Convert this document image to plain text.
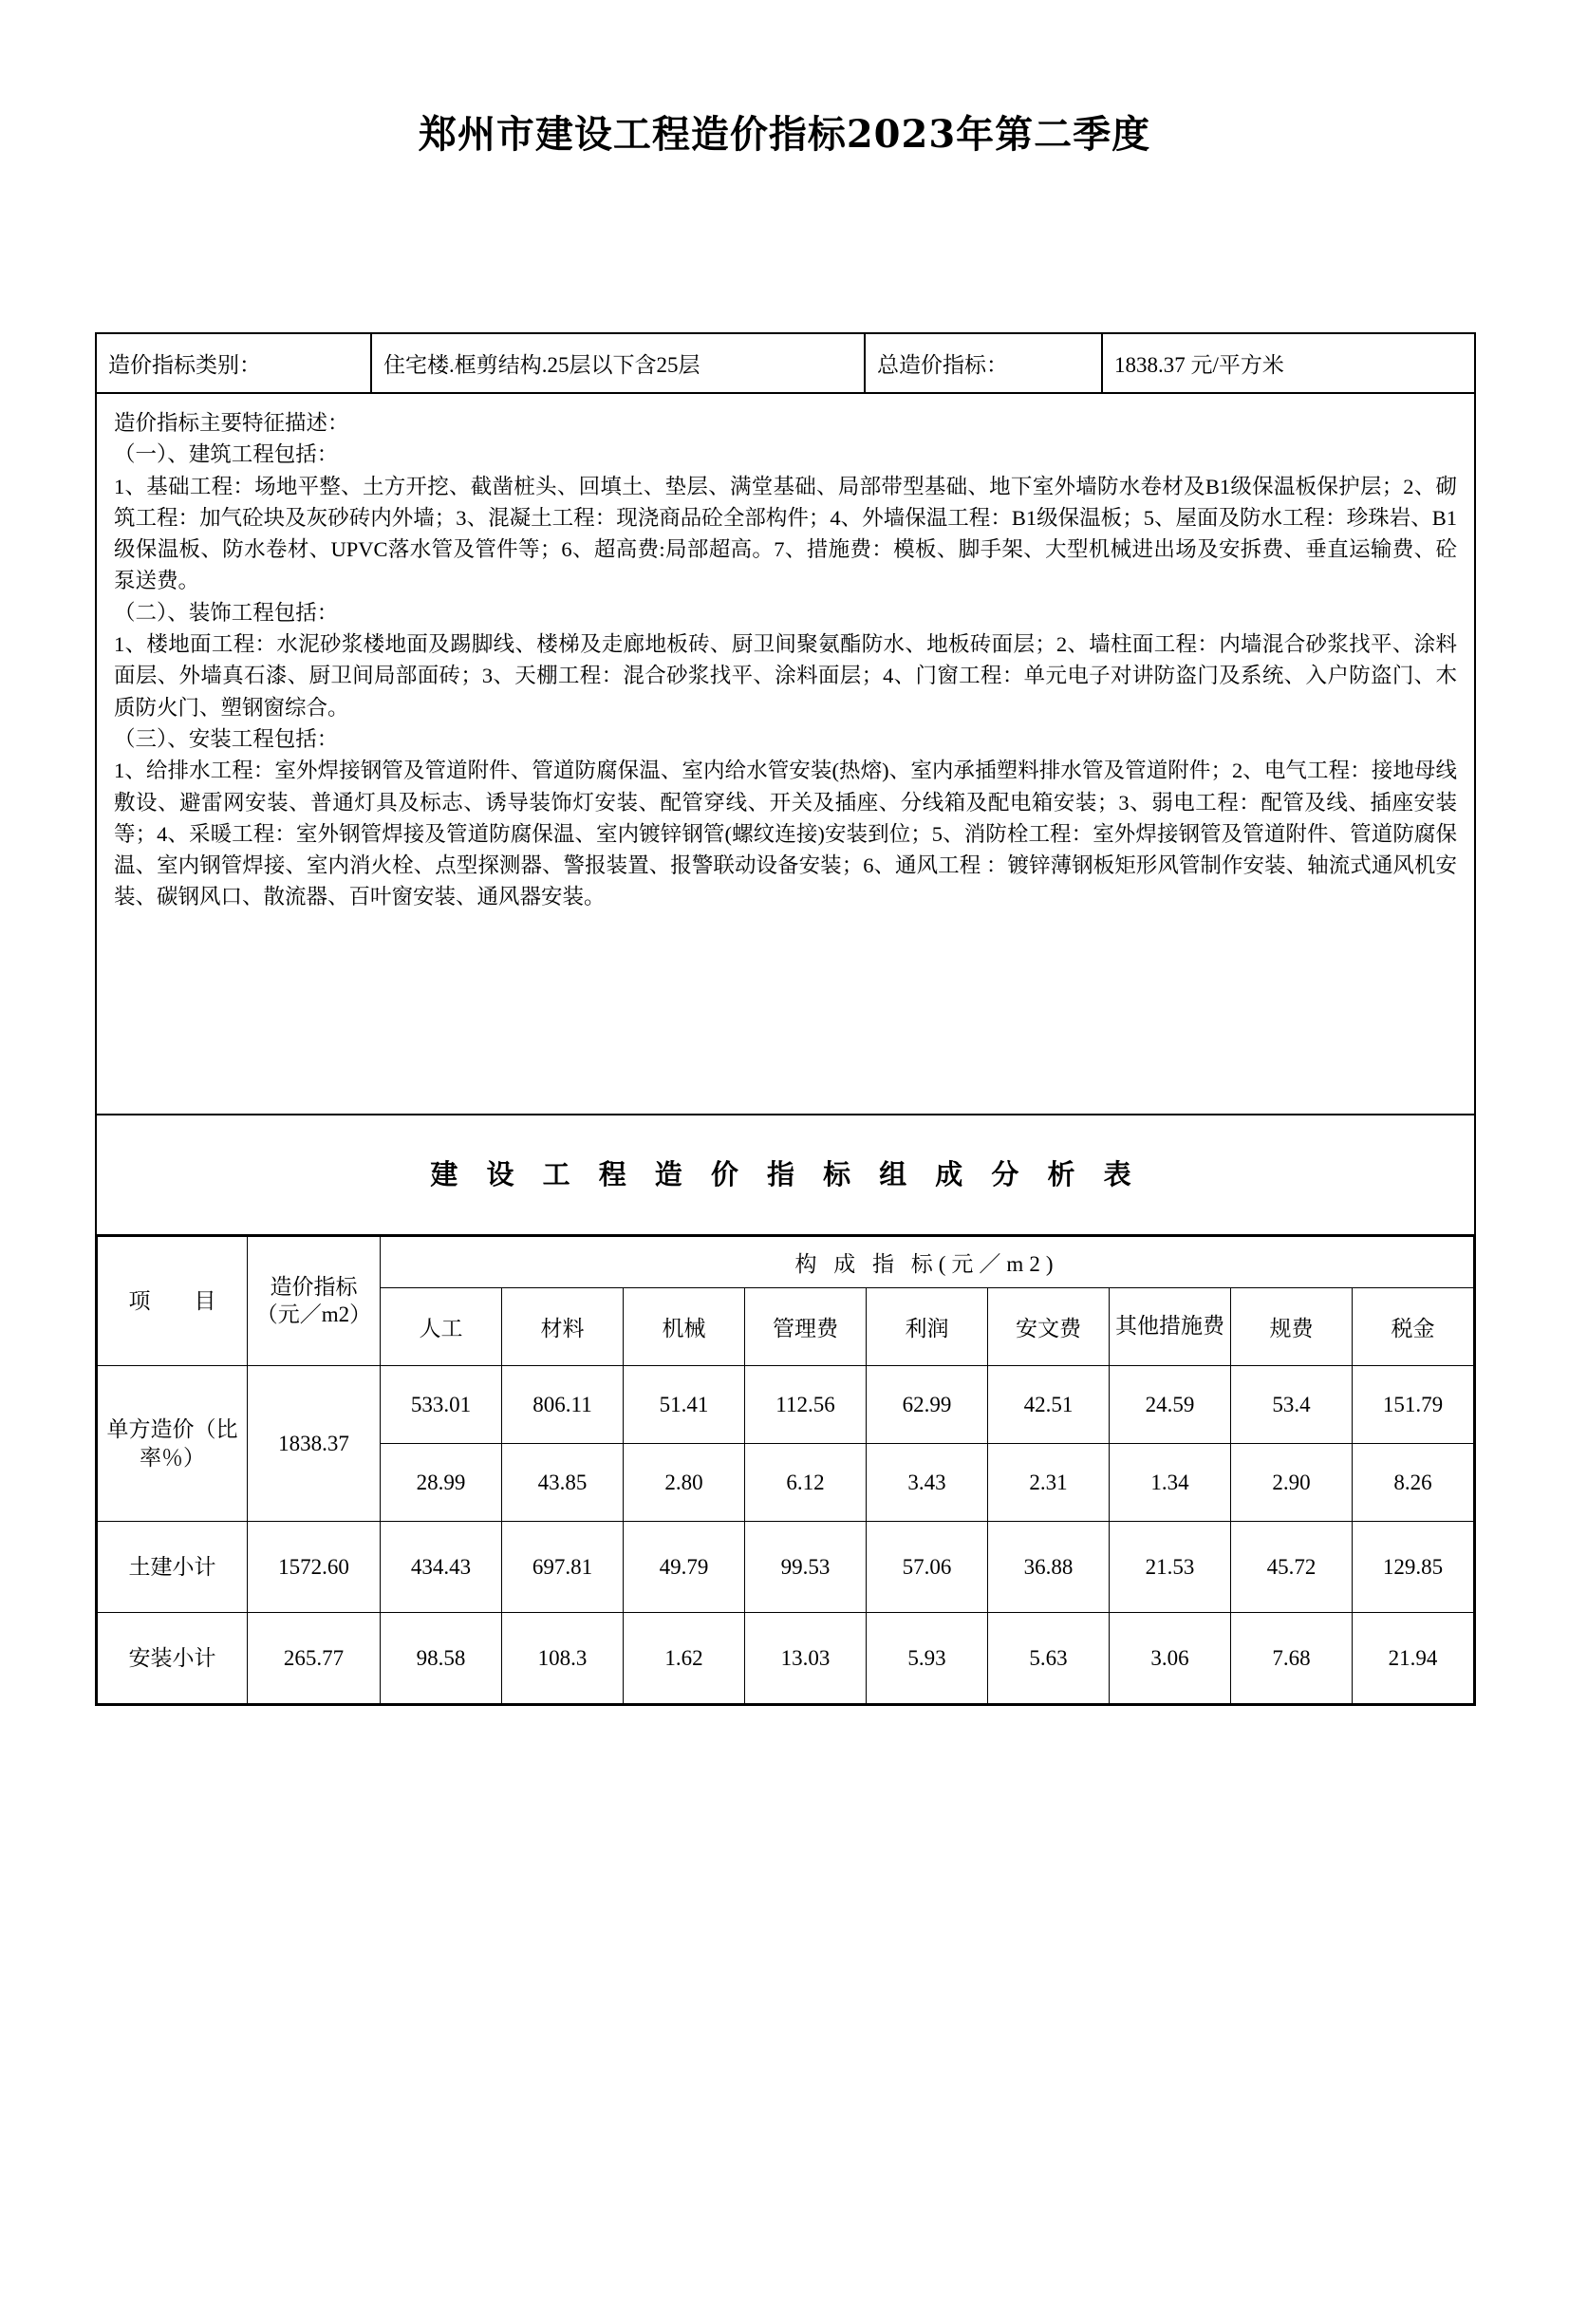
郑州市建设工程造价指标2023年第二季度
造价指标类别：	住宅楼.框剪结构.25层以下含25层	总造价指标：	1838.37 元/平方米

造价指标主要特征描述：

（一）、建筑工程包括：

1、基础工程：场地平整、土方开挖、截凿桩头、回填土、垫层、满堂基础、局部带型基础、地下室外墙防水卷材及B1级保温板保护层；2、砌筑工程：加气砼块及灰砂砖内外墙；3、混凝土工程：现浇商品砼全部构件；4、外墙保温工程：B1级保温板；5、屋面及防水工程：珍珠岩、B1级保温板、防水卷材、UPVC落水管及管件等；6、超高费:局部超高。7、措施费：模板、脚手架、大型机械进出场及安拆费、垂直运输费、砼泵送费。

（二）、装饰工程包括：

1、楼地面工程：水泥砂浆楼地面及踢脚线、楼梯及走廊地板砖、厨卫间聚氨酯防水、地板砖面层；2、墙柱面工程：内墙混合砂浆找平、涂料面层、外墙真石漆、厨卫间局部面砖；3、天棚工程：混合砂浆找平、涂料面层；4、门窗工程：单元电子对讲防盗门及系统、入户防盗门、木质防火门、塑钢窗综合。

（三）、安装工程包括：

1、给排水工程：室外焊接钢管及管道附件、管道防腐保温、室内给水管安装(热熔)、室内承插塑料排水管及管道附件；2、电气工程：接地母线敷设、避雷网安装、普通灯具及标志、诱导装饰灯安装、配管穿线、开关及插座、分线箱及配电箱安装；3、弱电工程：配管及线、插座安装等；4、采暖工程：室外钢管焊接及管道防腐保温、室内镀锌钢管(螺纹连接)安装到位；5、消防栓工程：室外焊接钢管及管道附件、管道防腐保温、室内钢管焊接、室内消火栓、点型探测器、警报装置、报警联动设备安装；6、通风工程 ：镀锌薄钢板矩形风管制作安装、轴流式通风机安装、碳钢风口、散流器、百叶窗安装、通风器安装。

建 设 工 程 造 价 指 标 组 成 分 析 表
项　　目	造价指标（元／m2）	构 成 指 标(元／m2)								
		人工	材料	机械	管理费	利润	安文费	其他措施费	规费	税金
单方造价（比率％）	1838.37	533.01	806.11	51.41	112.56	62.99	42.51	24.59	53.4	151.79
		28.99	43.85	2.80	6.12	3.43	2.31	1.34	2.90	8.26
土建小计	1572.60	434.43	697.81	49.79	99.53	57.06	36.88	21.53	45.72	129.85
安装小计	265.77	98.58	108.3	1.62	13.03	5.93	5.63	3.06	7.68	21.94
